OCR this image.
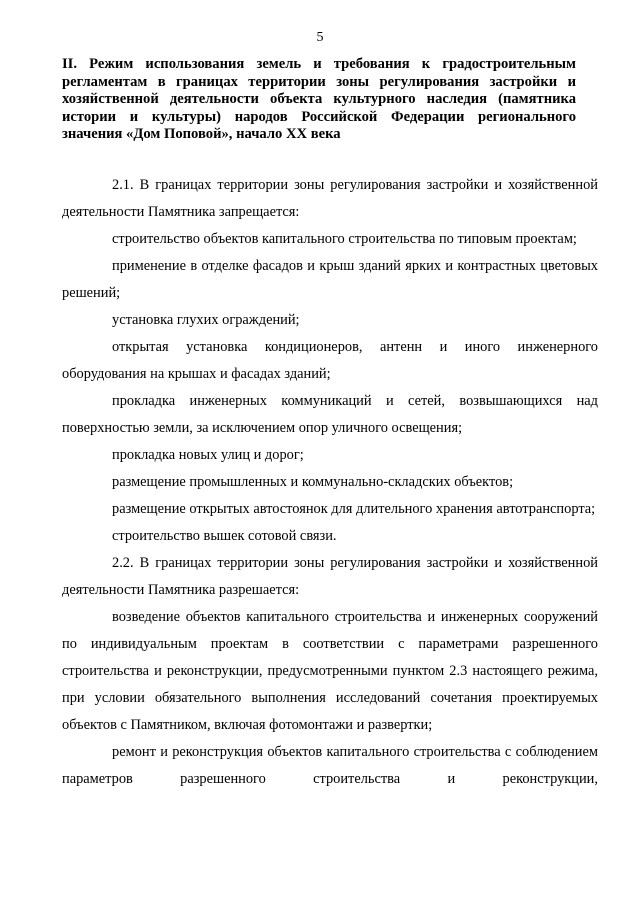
5
II. Режим использования земель и требования к градостроительным регламентам в границах территории зоны регулирования застройки и хозяйственной деятельности объекта культурного наследия (памятника истории и культуры) народов Российской Федерации регионального значения «Дом Поповой», начало XX века

2.1. В границах территории зоны регулирования застройки и хозяйственной деятельности Памятника запрещается:

строительство объектов капитального строительства по типовым проектам;

применение в отделке фасадов и крыш зданий ярких и контрастных цветовых решений;

установка глухих ограждений;

открытая установка кондиционеров, антенн и иного инженерного оборудования на крышах и фасадах зданий;

прокладка инженерных коммуникаций и сетей, возвышающихся над поверхностью земли, за исключением опор уличного освещения;

прокладка новых улиц и дорог;

размещение промышленных и коммунально-складских объектов;

размещение открытых автостоянок для длительного хранения автотранспорта;

строительство вышек сотовой связи.

2.2. В границах территории зоны регулирования застройки и хозяйственной деятельности Памятника разрешается:

возведение объектов капитального строительства и инженерных сооружений по индивидуальным проектам в соответствии с параметрами разрешенного строительства и реконструкции, предусмотренными пунктом 2.3 настоящего режима, при условии обязательного выполнения исследований сочетания проектируемых объектов с Памятником, включая фотомонтажи и развертки;

ремонт и реконструкция объектов капитального строительства с соблюдением параметров разрешенного строительства и реконструкции,
